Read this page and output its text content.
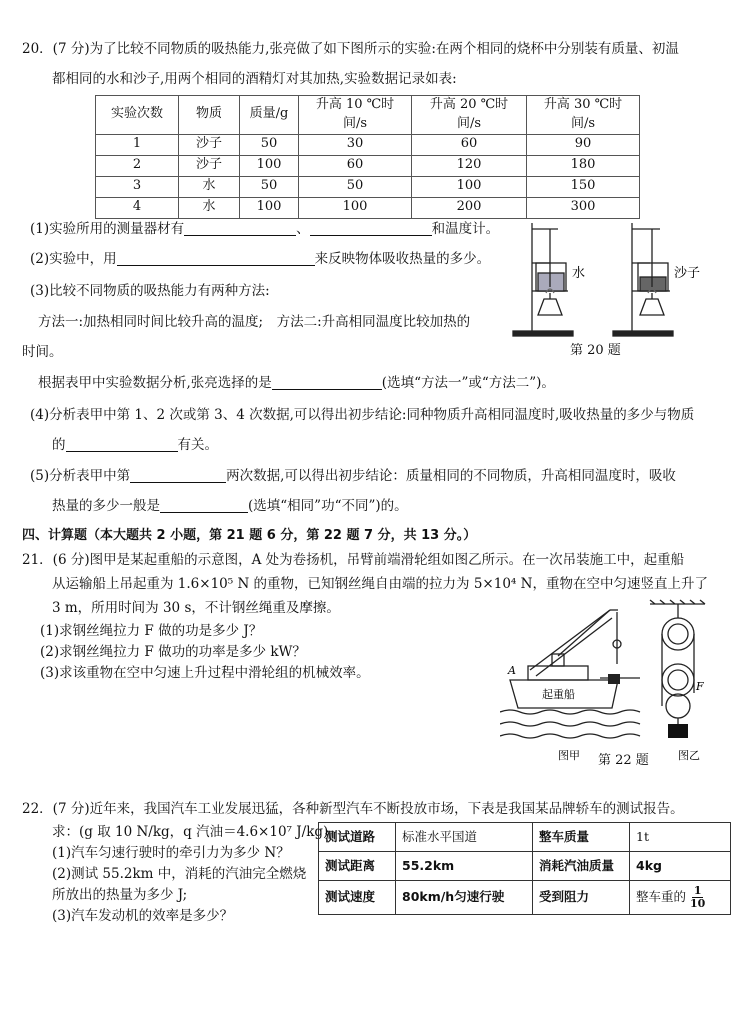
20．(7 分)为了比较不同物质的吸热能力,张亮做了如下图所示的实验:在两个相同的烧杯中分别装有质量、初温
都相同的水和沙子,用两个相同的酒精灯对其加热,实验数据记录如表:
实验次数	物质	质量/g	升高 10 ℃时间/s	升高 20 ℃时间/s	升高 30 ℃时间/s
1	沙子	50	30	60	90
2	沙子	100	60	120	180
3	水	50	50	100	150
4	水	100	100	200	300
(1)实验所用的测量器材有	、	和温度计。
(2)实验中，用	来反映物体吸收热量的多少。
(3)比较不同物质的吸热能力有两种方法:
方法一:加热相同时间比较升高的温度;　方法二:升高相同温度比较加热的
时间。
水	沙子
第 20 题
根据表甲中实验数据分析,张亮选择的是	(选填“方法一”或“方法二”)。
(4)分析表甲中第 1、2 次或第 3、4 次数据,可以得出初步结论:同种物质升高相同温度时,吸收热量的多少与物质
的	有关。
(5)分析表甲中第	两次数据,可以得出初步结论：质量相同的不同物质，升高相同温度时，吸收
热量的多少一般是	(选填“相同”功“不同”)的。
四、计算题（本大题共 2 小题，第 21 题 6 分，第 22 题 7 分，共 13 分。）
21．(6 分)图甲是某起重船的示意图，A 处为卷扬机，吊臂前端滑轮组如图乙所示。在一次吊装施工中，起重船
从运输船上吊起重为 1.6×10⁵ N 的重物，已知钢丝绳自由端的拉力为 5×10⁴ N，重物在空中匀速竖直上升了
3 m，所用时间为 30 s，不计钢丝绳重及摩擦。
(1)求钢丝绳拉力 F 做的功是多少 J？
(2)求钢丝绳拉力 F 做功的功率是多少 kW？
(3)求该重物在空中匀速上升过程中滑轮组的机械效率。	A
起重船
F
图甲	图乙
第 22 题
22．(7 分)近年来，我国汽车工业发展迅猛，各种新型汽车不断投放市场，下表是我国某品牌轿车的测试报告。
求：(g 取 10 N/kg，q 汽油＝4.6×10⁷ J/kg)
(1)汽车匀速行驶时的牵引力为多少 N？
(2)测试 55.2km 中，消耗的汽油完全燃烧
所放出的热量为多少 J;
(3)汽车发动机的效率是多少？
测试道路	标准水平国道	整车质量	1t
测试距离	55.2km	消耗汽油质量	4kg
测试速度	80km/h匀速行驶	受到阻力	整车重的 $\frac{1}{10}$
